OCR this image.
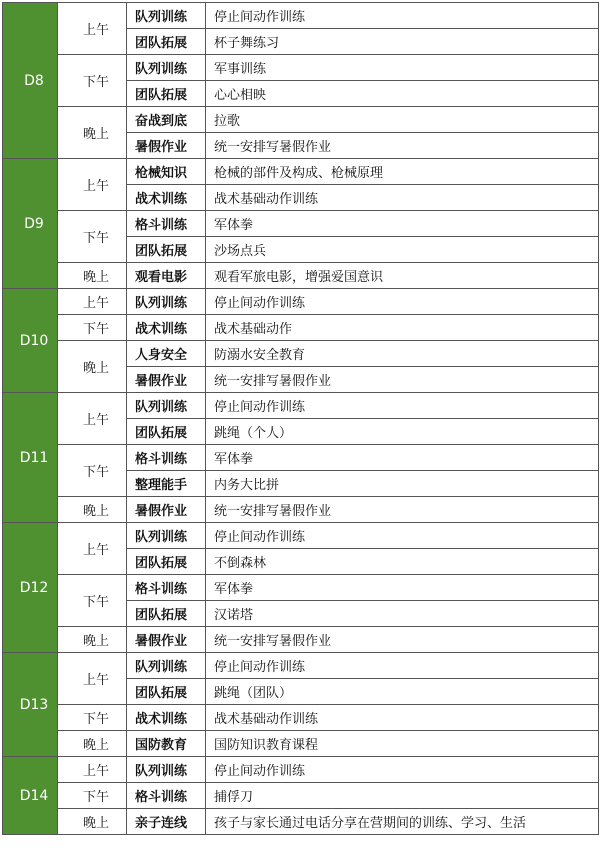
D8	上午	队列训练	停止间动作训练
		团队拓展	杯子舞练习
	下午	队列训练	军事训练
		团队拓展	心心相映
	晚上	奋战到底	拉歌
		暑假作业	统一安排写暑假作业
D9	上午	枪械知识	枪械的部件及构成、枪械原理
		战术训练	战术基础动作训练
	下午	格斗训练	军体拳
		团队拓展	沙场点兵
	晚上	观看电影	观看军旅电影，增强爱国意识
D10	上午	队列训练	停止间动作训练
	下午	战术训练	战术基础动作
	晚上	人身安全	防溺水安全教育
		暑假作业	统一安排写暑假作业
D11	上午	队列训练	停止间动作训练
		团队拓展	跳绳（个人）
	下午	格斗训练	军体拳
		整理能手	内务大比拼
	晚上	暑假作业	统一安排写暑假作业
D12	上午	队列训练	停止间动作训练
		团队拓展	不倒森林
	下午	格斗训练	军体拳
		团队拓展	汉诺塔
	晚上	暑假作业	统一安排写暑假作业
D13	上午	队列训练	停止间动作训练
		团队拓展	跳绳（团队）
	下午	战术训练	战术基础动作训练
	晚上	国防教育	国防知识教育课程
D14	上午	队列训练	停止间动作训练
	下午	格斗训练	捕俘刀
	晚上	亲子连线	孩子与家长通过电话分享在营期间的训练、学习、生活
